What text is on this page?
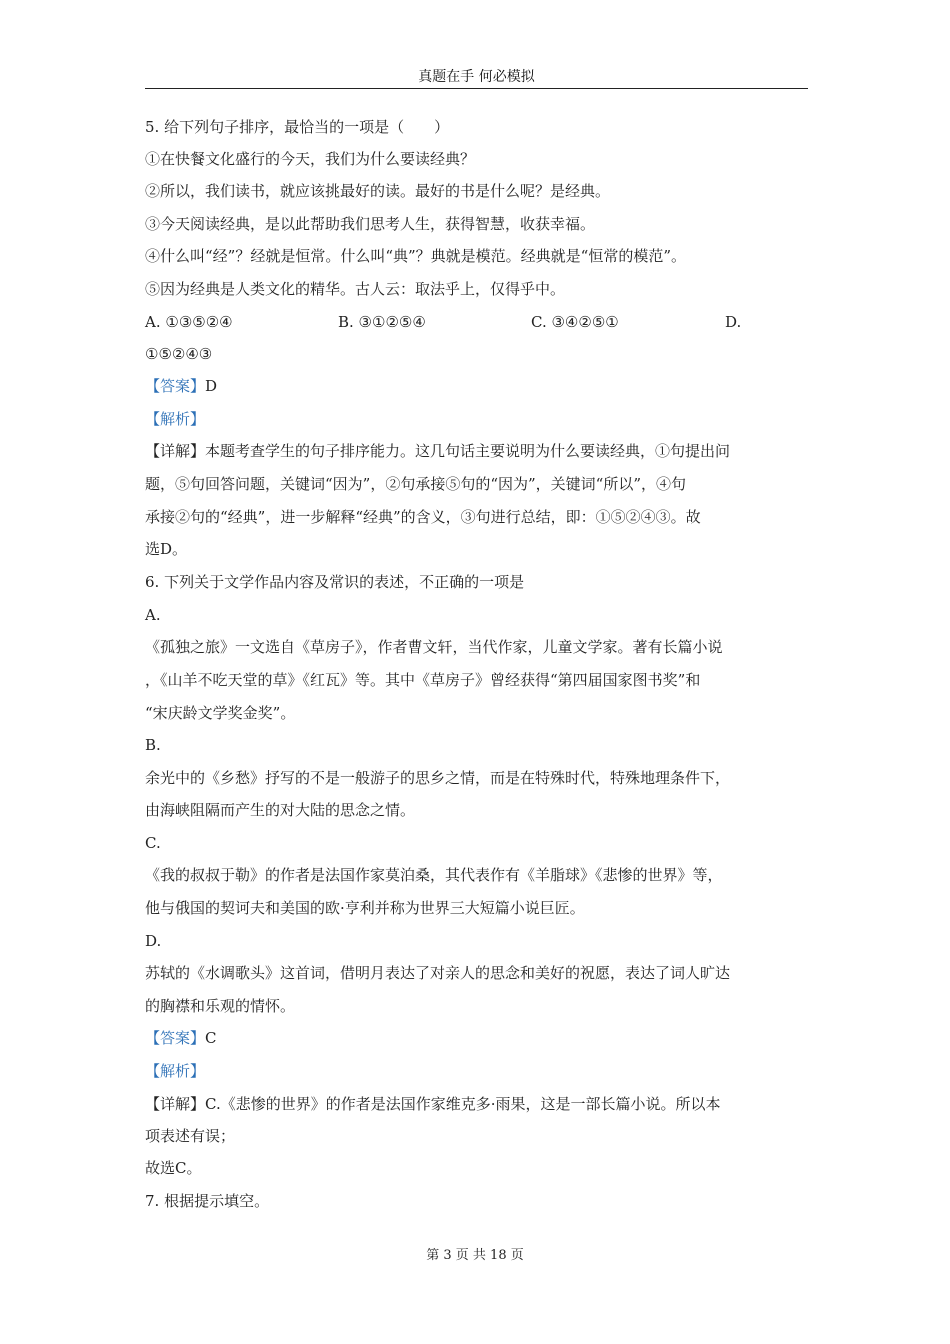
真题在手 何必模拟
5. 给下列句子排序，最恰当的一项是（　　）
①在快餐文化盛行的今天，我们为什么要读经典？
②所以，我们读书，就应该挑最好的读。最好的书是什么呢？是经典。
③今天阅读经典，是以此帮助我们思考人生，获得智慧，收获幸福。
④什么叫“经”？经就是恒常。什么叫“典”？典就是模范。经典就是“恒常的模范”。
⑤因为经典是人类文化的精华。古人云：取法乎上，仅得乎中。
A. ①③⑤②④	B. ③①②⑤④	C. ③④②⑤①	D.
①⑤②④③
【答案】D
【解析】
【详解】本题考查学生的句子排序能力。这几句话主要说明为什么要读经典，①句提出问
题，⑤句回答问题，关键词“因为”，②句承接⑤句的“因为”，关键词“所以”，④句
承接②句的“经典”，进一步解释“经典”的含义，③句进行总结，即：①⑤②④③。故
选D。
6. 下列关于文学作品内容及常识的表述，不正确的一项是
A.
《孤独之旅》一文选自《草房子》，作者曹文轩，当代作家，儿童文学家。著有长篇小说
，《山羊不吃天堂的草》《红瓦》等。其中《草房子》曾经获得“第四届国家图书奖”和
“宋庆龄文学奖金奖”。
B.
余光中的《乡愁》抒写的不是一般游子的思乡之情，而是在特殊时代，特殊地理条件下，
由海峡阻隔而产生的对大陆的思念之情。
C.
《我的叔叔于勒》的作者是法国作家莫泊桑，其代表作有《羊脂球》《悲惨的世界》等，
他与俄国的契诃夫和美国的欧·亨利并称为世界三大短篇小说巨匠。
D.
苏轼的《水调歌头》这首词，借明月表达了对亲人的思念和美好的祝愿，表达了词人旷达
的胸襟和乐观的情怀。
【答案】C
【解析】
【详解】C.《悲惨的世界》的作者是法国作家维克多·雨果，这是一部长篇小说。所以本
项表述有误；
故选C。
7. 根据提示填空。
第 3 页 共 18 页
